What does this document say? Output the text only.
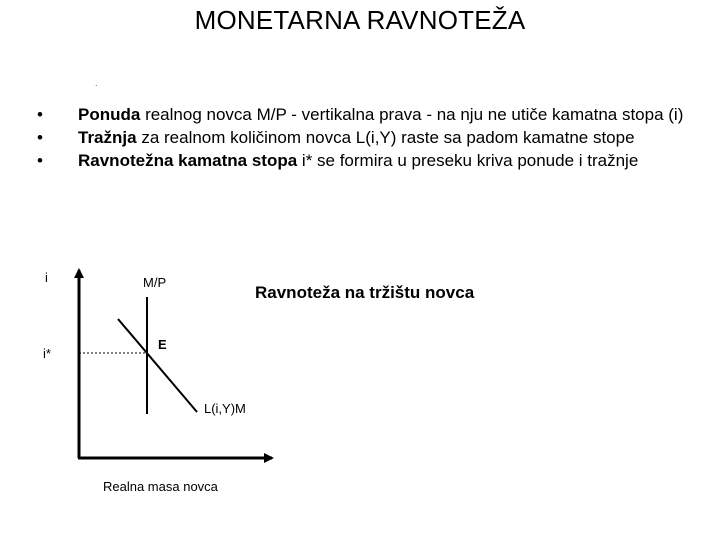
MONETARNA RAVNOTEŽA
.
•	Ponuda realnog novca M/P - vertikalna prava - na nju ne utiče kamatna stopa (i)
•	Tražnja za realnom količinom novca L(i,Y) raste sa padom kamatne stope
•	Ravnotežna kamatna stopa i* se formira u preseku kriva ponude i tražnje
i
i*
M/P
E
L(i,Y)M
Realna masa novca
Ravnoteža na tržištu novca
